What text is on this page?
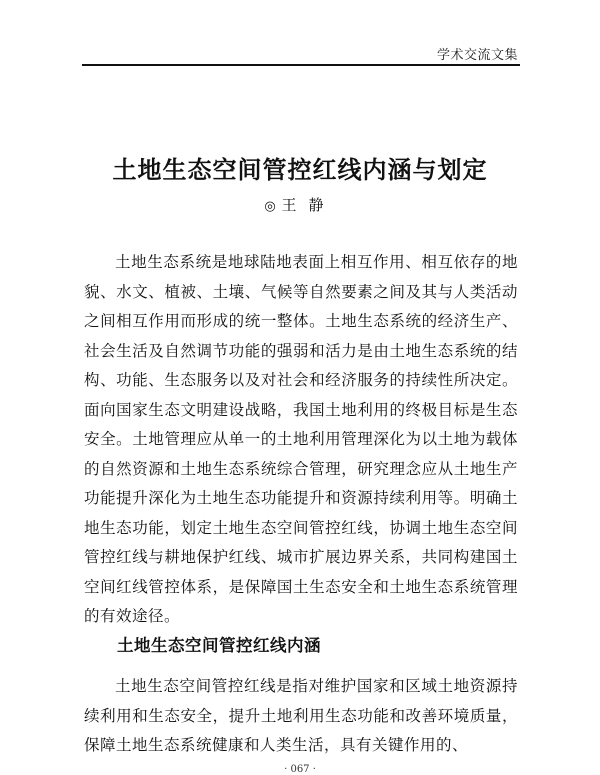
学术交流文集
土地生态空间管控红线内涵与划定
◎ 王静

土地生态系统是地球陆地表面上相互作用、相互依存的地貌、水文、植被、土壤、气候等自然要素之间及其与人类活动之间相互作用而形成的统一整体。土地生态系统的经济生产、社会生活及自然调节功能的强弱和活力是由土地生态系统的结构、功能、生态服务以及对社会和经济服务的持续性所决定。面向国家生态文明建设战略，我国土地利用的终极目标是生态安全。土地管理应从单一的土地利用管理深化为以土地为载体的自然资源和土地生态系统综合管理，研究理念应从土地生产功能提升深化为土地生态功能提升和资源持续利用等。明确土地生态功能，划定土地生态空间管控红线，协调土地生态空间管控红线与耕地保护红线、城市扩展边界关系，共同构建国土空间红线管控体系，是保障国土生态安全和土地生态系统管理的有效途径。

土地生态空间管控红线内涵

土地生态空间管控红线是指对维护国家和区域土地资源持续利用和生态安全，提升土地利用生态功能和改善环境质量，保障土地生态系统健康和人类生活，具有关键作用的、

· 067 ·
